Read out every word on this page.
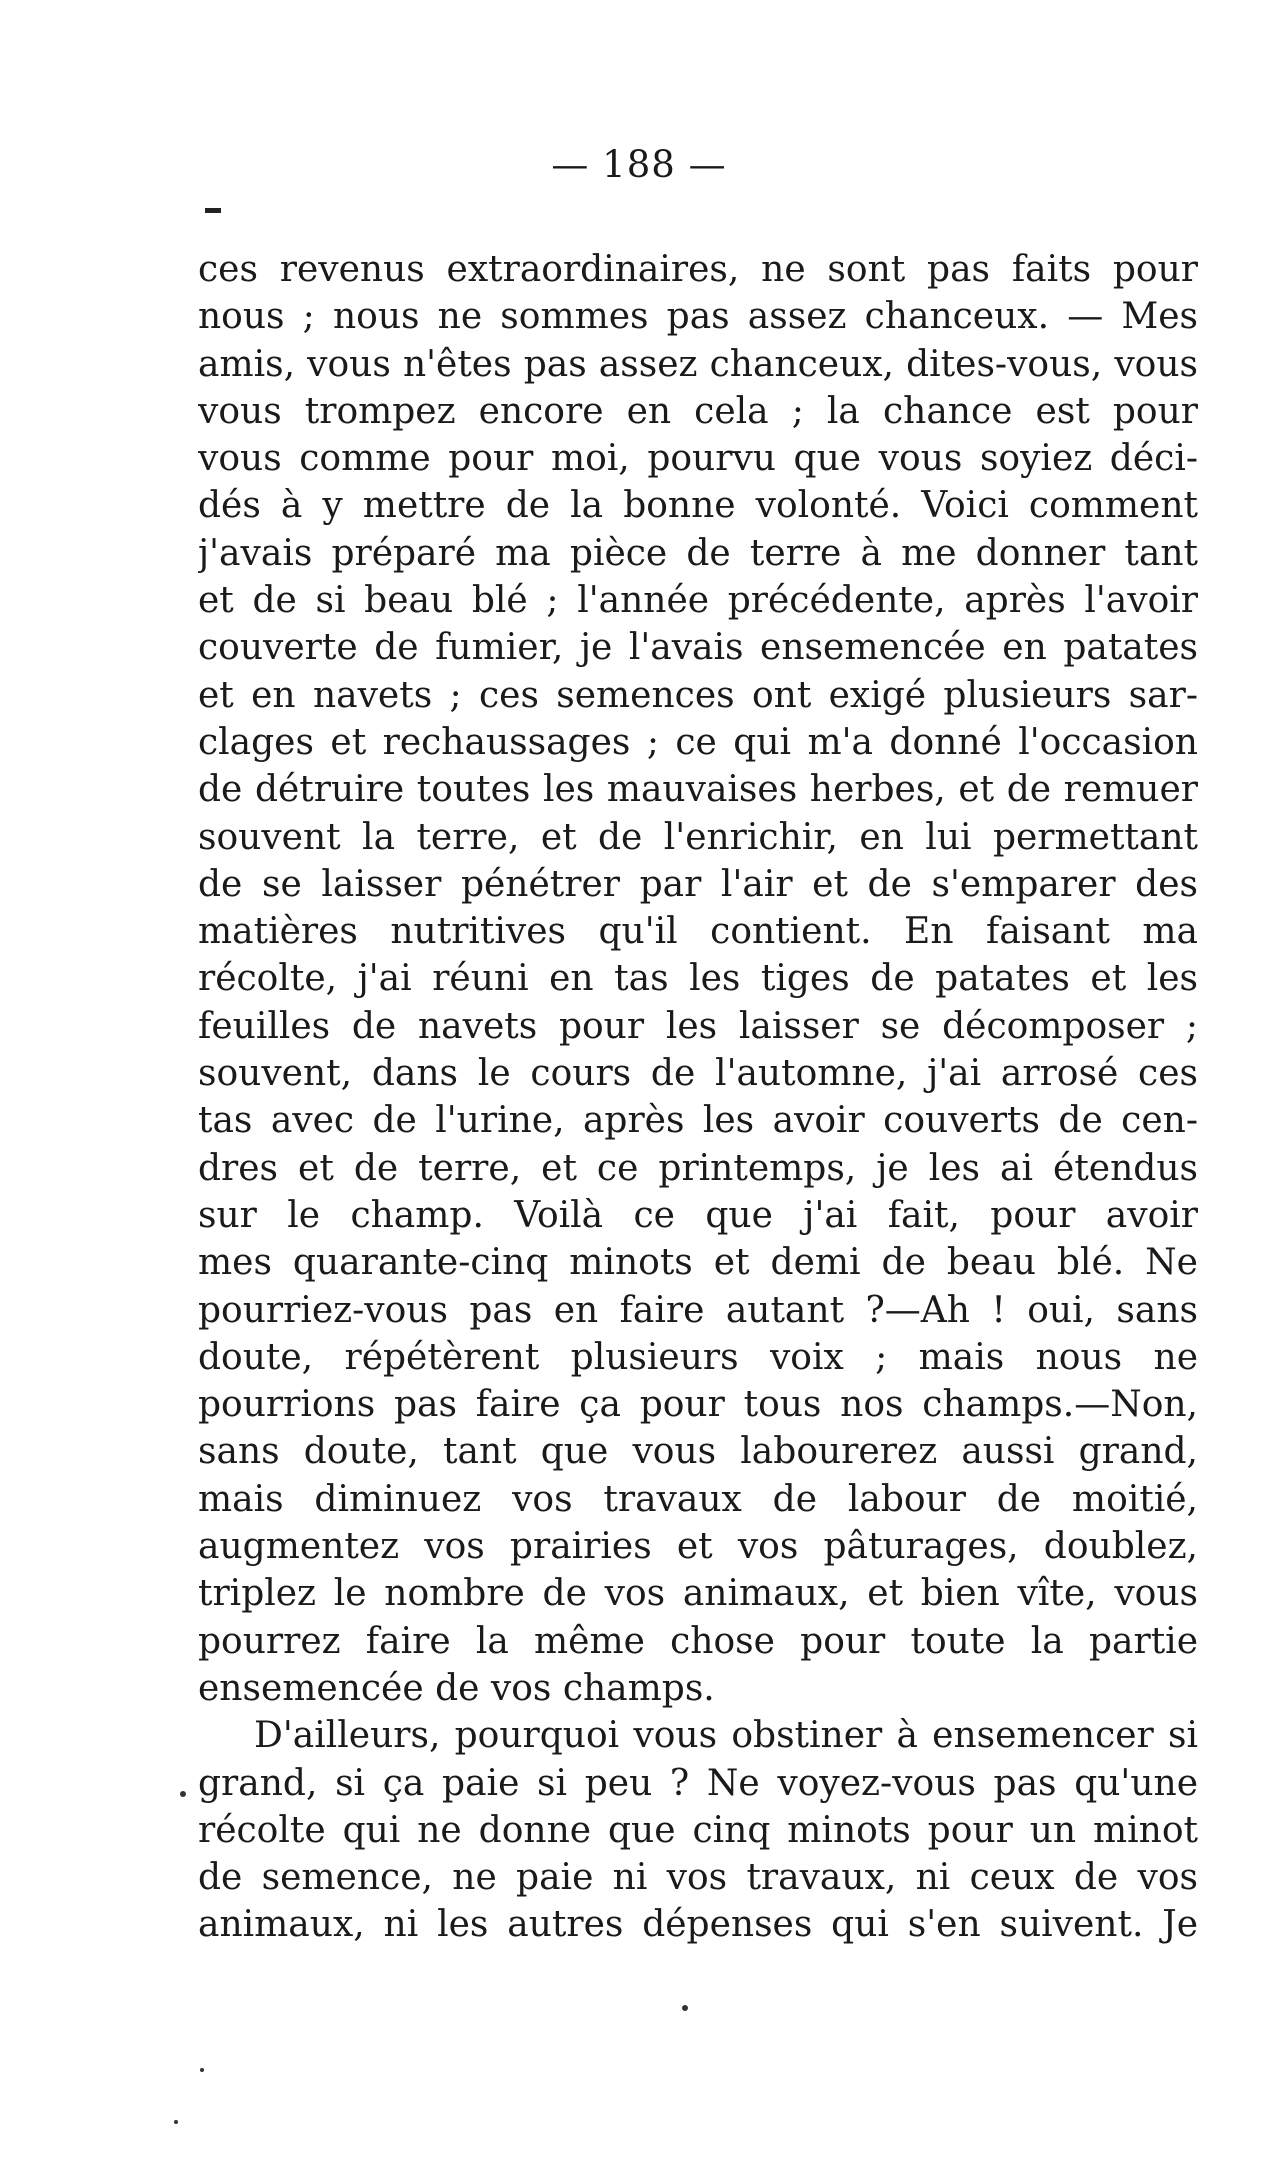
— 188 —
ces revenus extraordinaires, ne sont pas faits pour
nous ; nous ne sommes pas assez chanceux. — Mes
amis, vous n'êtes pas assez chanceux, dites-vous, vous
vous trompez encore en cela ; la chance est pour
vous comme pour moi, pourvu que vous soyiez déci-
dés à y mettre de la bonne volonté. Voici comment
j'avais préparé ma pièce de terre à me donner tant
et de si beau blé ; l'année précédente, après l'avoir
couverte de fumier, je l'avais ensemencée en patates
et en navets ; ces semences ont exigé plusieurs sar-
clages et rechaussages ; ce qui m'a donné l'occasion
de détruire toutes les mauvaises herbes, et de remuer
souvent la terre, et de l'enrichir, en lui permettant
de se laisser pénétrer par l'air et de s'emparer des
matières nutritives qu'il contient. En faisant ma
récolte, j'ai réuni en tas les tiges de patates et les
feuilles de navets pour les laisser se décomposer ;
souvent, dans le cours de l'automne, j'ai arrosé ces
tas avec de l'urine, après les avoir couverts de cen-
dres et de terre, et ce printemps, je les ai étendus
sur le champ. Voilà ce que j'ai fait, pour avoir
mes quarante-cinq minots et demi de beau blé. Ne
pourriez-vous pas en faire autant ?—Ah ! oui, sans
doute, répétèrent plusieurs voix ; mais nous ne
pourrions pas faire ça pour tous nos champs.—Non,
sans doute, tant que vous labourerez aussi grand,
mais diminuez vos travaux de labour de moitié,
augmentez vos prairies et vos pâturages, doublez,
triplez le nombre de vos animaux, et bien vîte, vous
pourrez faire la même chose pour toute la partie
ensemencée de vos champs.
D'ailleurs, pourquoi vous obstiner à ensemencer si
grand, si ça paie si peu ? Ne voyez-vous pas qu'une
récolte qui ne donne que cinq minots pour un minot
de semence, ne paie ni vos travaux, ni ceux de vos
animaux, ni les autres dépenses qui s'en suivent. Je
